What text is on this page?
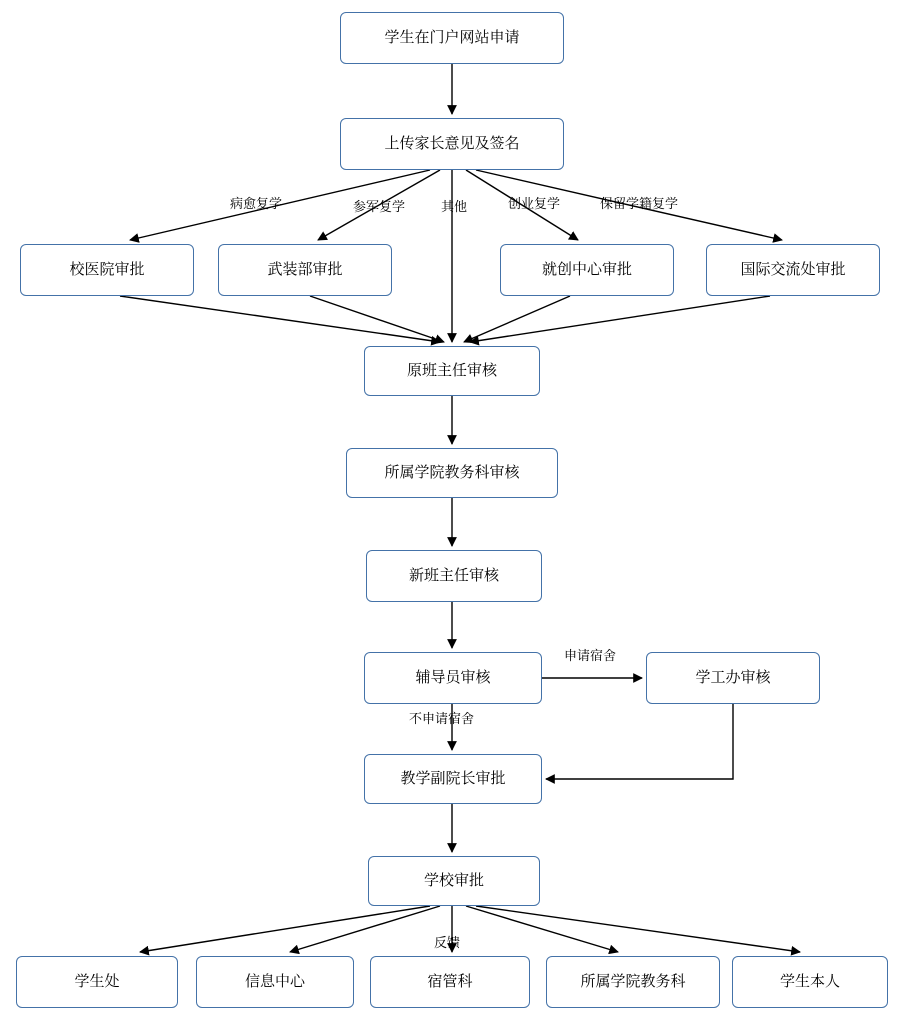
学生在门户网站申请
上传家长意见及签名
校医院审批	武装部审批	就创中心审批	国际交流处审批
原班主任审核
所属学院教务科审核
新班主任审核
辅导员审核	学工办审核
教学副院长审批
学校审批
学生处	信息中心	宿管科	所属学院教务科	学生本人
病愈复学	参军复学	其他	创业复学	保留学籍复学
申请宿舍
不申请宿舍
反馈
